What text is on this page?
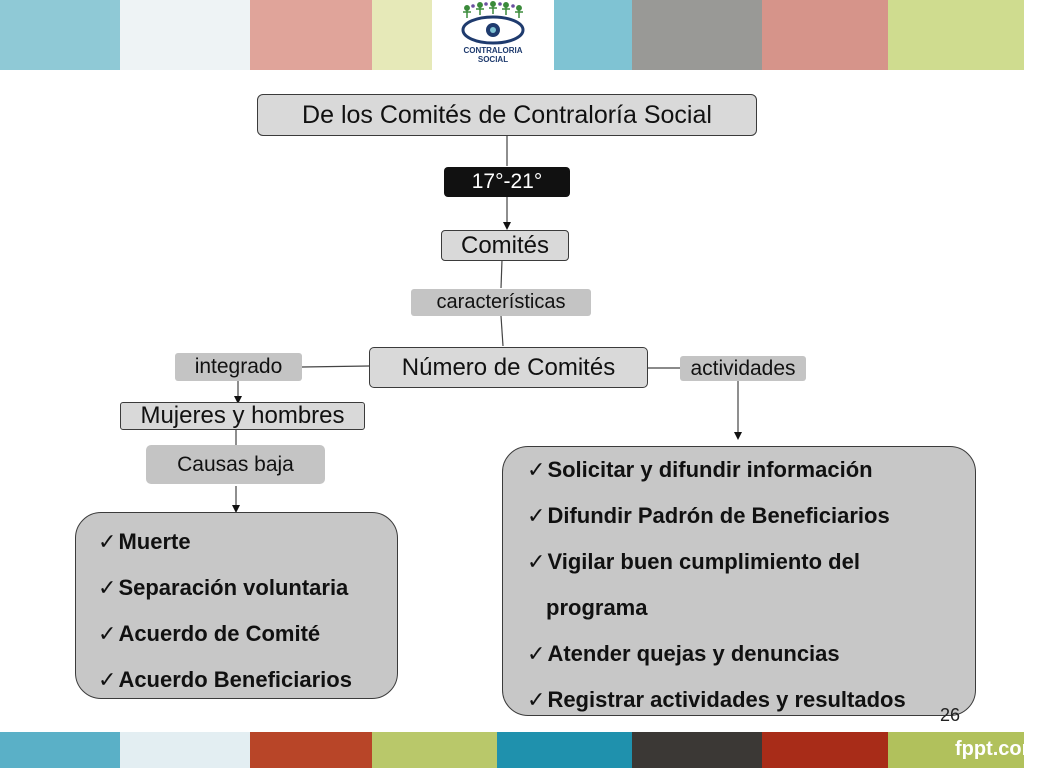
CONTRALORIA
SOCIAL
De los Comités de Contraloría Social
17°-21°
Comités
características
Número de Comités
integrado	actividades
Mujeres y hombres
Causas baja
✓Muerte
✓Separación voluntaria
✓Acuerdo de Comité
✓Acuerdo Beneficiarios
✓Solicitar y difundir información
✓Difundir Padrón de Beneficiarios
✓Vigilar buen cumplimiento del
programa
✓Atender quejas y denuncias
✓Registrar actividades y resultados
26
fppt.com
